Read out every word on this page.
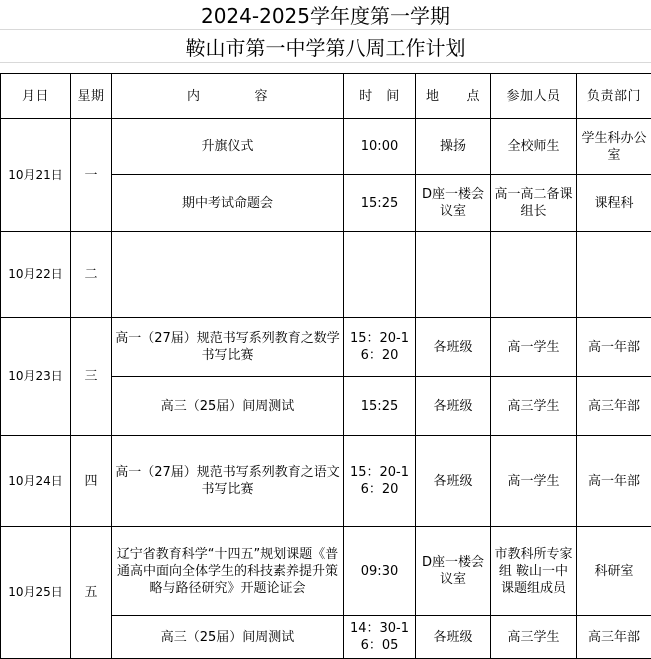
2024-2025学年度第一学期
鞍山市第一中学第八周工作计划
月日	星期	内　　　　容	时　间	地　　点	参加人员	负责部门
10月21日	一	升旗仪式	10:00	操扬	全校师生	学生科办公室
		期中考试命题会	15:25	D座一楼会议室	高一高二备课组长	课程科
10月22日	二					
10月23日	三	高一（27届）规范书写系列教育之数学书写比赛	15：20-16：20	各班级	高一学生	高一年部
		高三（25届）间周测试	15:25	各班级	高三学生	高三年部
10月24日	四	高一（27届）规范书写系列教育之语文书写比赛	15：20-16：20	各班级	高一学生	高一年部
10月25日	五	辽宁省教育科学“十四五”规划课题《普通高中面向全体学生的科技素养提升策略与路径研究》开题论证会	09:30	D座一楼会议室	市教科所专家组 鞍山一中课题组成员	科研室
		高三（25届）间周测试	14：30-16：05	各班级	高三学生	高三年部
